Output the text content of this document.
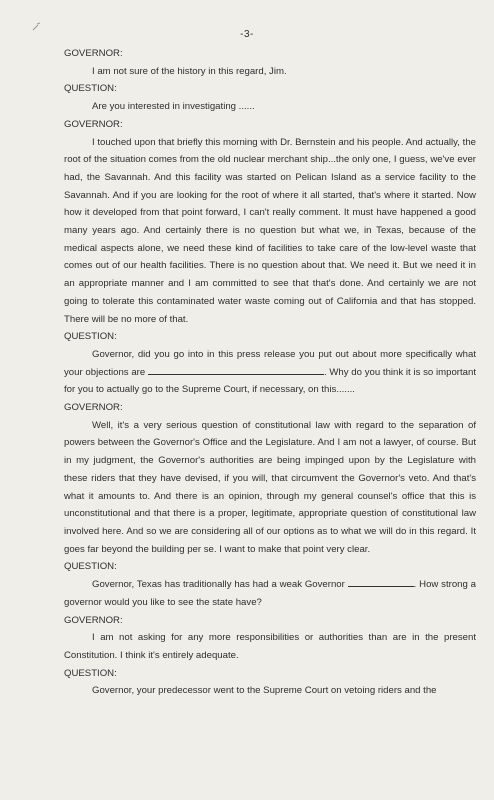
-3-

GOVERNOR:

I am not sure of the history in this regard, Jim.

QUESTION:

Are you interested in investigating ......

GOVERNOR:

I touched upon that briefly this morning with Dr. Bernstein and his people. And actually, the root of the situation comes from the old nuclear merchant ship...the only one, I guess, we've ever had, the Savannah. And this facility was started on Pelican Island as a service facility to the Savannah. And if you are looking for the root of where it all started, that's where it started. Now how it developed from that point forward, I can't really comment. It must have happened a good many years ago. And certainly there is no question but what we, in Texas, because of the medical aspects alone, we need these kind of facilities to take care of the low-level waste that comes out of our health facilities. There is no question about that. We need it. But we need it in an appropriate manner and I am committed to see that that's done. And certainly we are not going to tolerate this contaminated water waste coming out of California and that has stopped. There will be no more of that.

QUESTION:

Governor, did you go into in this press release you put out about more specifically what your objections are	. Why do you think it is so important for you to actually go to the Supreme Court, if necessary, on this.......

GOVERNOR:

Well, it's a very serious question of constitutional law with regard to the separation of powers between the Governor's Office and the Legislature. And I am not a lawyer, of course. But in my judgment, the Governor's authorities are being impinged upon by the Legislature with these riders that they have devised, if you will, that circumvent the Governor's veto. And that's what it amounts to. And there is an opinion, through my general counsel's office that this is unconstitutional and that there is a proper, legitimate, appropriate question of constitutional law involved here. And so we are considering all of our options as to what we will do in this regard. It goes far beyond the building per se. I want to make that point very clear.

QUESTION:

Governor, Texas has traditionally has had a weak Governor	. How strong a governor would you like to see the state have?

GOVERNOR:

I am not asking for any more responsibilities or authorities than are in the present Constitution. I think it's entirely adequate.

QUESTION:

Governor, your predecessor went to the Supreme Court on vetoing riders and the
